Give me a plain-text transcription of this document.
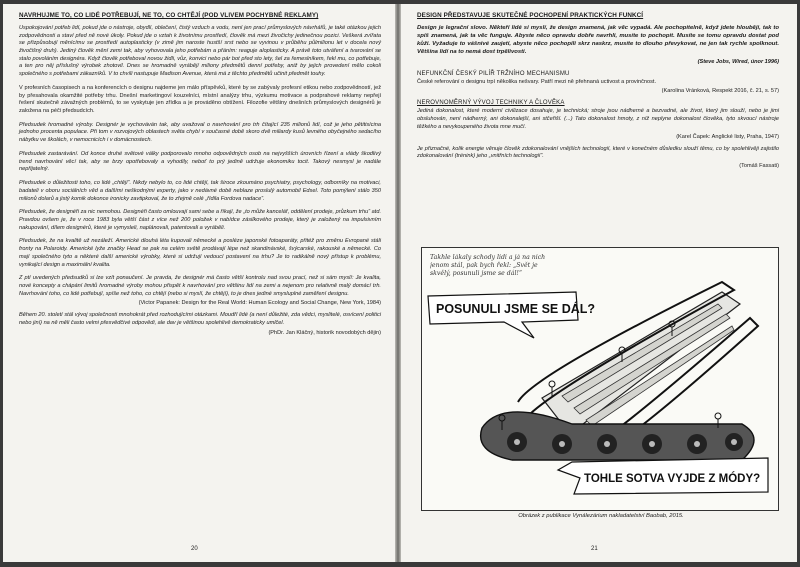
NAVRHUJME TO, CO LIDÉ POTŘEBUJÍ, NE TO, CO CHTĚJÍ (POD VLIVEM POCHYBNÉ REKLAMY)

Uspokojování potřeb lidí, pokud jde o nástroje, obydlí, oblečení, čistý vzduch a vodu, není jen prací průmyslových návrhářů, je také otázkou jejich zodpovědnosti a staví před ně nové úkoly. Pokud jde o vztah k životnímu prostředí, člověk má mezi živočichy jedinečnou pozici. Veškerá zvířata se přizpůsobují měnícímu se prostředí autoplasticky (v zimě jim naroste hustší srst nebo se vyvinou v průběhu půlmilionu let v docela nový živočišný druh). Jediný člověk mění zemi tak, aby vyhovovala jeho potřebám a přáním: reaguje aloplasticky. A právě toto utváření a tvarování se stalo povoláním designéra. Když člověk potřeboval novou židli, vůz, konvici nebo pár bot před sto lety, šel za řemeslníkem, řekl mu, co potřebuje, a ten pro něj příslušný výrobek zhotovil. Dnes se hromadně vyrábějí miliony předmětů denní potřeby, aniž by jejich provedení mělo cokoli společného s potřebami zákazníků. V to chvíli nastupuje Madison Avenue, která má z těchto předmětů učinit předmět touhy.

V profesních časopisech a na konferencích o designu najdeme jen málo příspěvků, které by se zabývaly profesní etikou nebo zodpovědností, jež by přesahovala okamžité potřeby trhu. Dnešní marketingoví kouzelníci, místní analýzy trhu, výzkumu motivace a podprahové reklamy nepřejí řešení skutečně závažných problémů, to se vyskytuje jen zřídka a je prováděno obtížení. Filozofie většiny dnešních průmyslových designérů je založena na péči předsudcích.

Předsudek hromadné výroby. Designér je vychováván tak, aby uvažoval o navrhování pro trh čítající 235 milionů lidí, což je jeho pětitisícina jednoho procenta populace. Při tom v rozvojových oblastech světa chybí v současné době skoro dvě miliardy kusů levného obyčejného sedacího nábytku ve školách, v nemocnicích i v domácnostech.

Předsudek zastarávání. Od konce druhé světové války podporovalo mnoho odpovědných osob na nejvyšších úrovních řízení a vlády škodlivý trend navrhování věcí tak, aby se brzy opotřebovaly a vyhodily, neboť to prý jedině udržuje ekonomiku tocit. Takový nesmysl je nadále nepřijatelný.

Předsudek o důležitosti toho, co lidé „chtějí“. Nikdy nebylo to, co lidé chtějí, tak široce zkoumáno psychiatry, psychology, odborníky na motivaci, badateli v oboru sociálních věd a dalšími neškodnými experty, jako v nedávné době neblaze proslulý automobil Edsel. Toto pomýlení stálo 350 milionů dolarů a jistý komik dokonce ironicky zavtipkoval, že to zřejmě celé „řídila Fordova nadace“.

Předsudek, že designéři za nic nemohou. Designéři často omlouvají sami sebe a říkají, že „to může kancelář, oddělení prodeje, průzkum trhu“ atd. Pravdou ovšem je, že v roce 1983 byla větší část z více než 200 položek v nabídce zásilkového prodeje, který je založený na impulsivním nakupování, dílem designérů, které je vymysleli, naplánovali, patentovali a vyráběli.

Předsudek, že na kvalitě už nezáleží. Americké dlouhá léta kupovali německé a posléze japonské fotoaparáty, přitéž pro změnu Evropané stáli fronty na Polaroidy. Americké lyže značky Head se pak na celém světě prodávají lépe než skandinávské, švýcarské, rakouské a německé. Co mají společného tyto a některé další americké výrobky, které si udržují vedoucí postavení na trhu? Je to radikálně nový přístup k problému, vynikající design a maximální kvalita.

Z ptí uvedených předsudků si lze vzít ponaučení. Je pravda, že designér má často větší kontrolu nad svou prací, než si sám myslí: Je kvalita, nové koncepty a chápání limitů hromadné výroby mohou přispět k navrhování pro většinu lidí na zemi a nejenom pro relativně malý domácí trh. Navrhování toho, co lidé potřebují, spíše než toho, co chtějí (nebo si myslí, že chtějí), to je dnes jediné smysluplné zaměření designu.

(Victor Papanek: Design for the Real World: Human Ecology and Social Change, New York, 1984)

Během 20. století stál vývoj společnosti mnohokrát před rozhodujícími otázkami. Moudří lidé (a není důležité, zda vědci, myslitelé, osvícení politici nebo jiní) na ně měli často velmi přesvědčivé odpovědi, ale dav je většinou spolehlivě demokraticky umlčel.

(PhDr. Jan Kláčný, historik novodobých dějin)
20
DESIGN PŘEDSTAVUJE SKUTEČNÉ POCHOPENÍ PRAKTICKÝCH FUNKCÍ
Design je legrační slovo. Někteří lidé si myslí, že design znamená, jak věc vypadá. Ale pochopitelně, když jdete hlouběji, tak to spíš znamená, jak ta věc funguje. Abyste něco opravdu dobře navrhli, musíte to pochopit. Musíte se tomu opravdu dostat pod kůži. Vyžaduje to vášnivé zaujetí, abyste něco pochopili skrz naskrz, musíte to dlouho převykovat, ne jen tak rychle spolknout. Většina lidí na to nemá dost trpělivosti.
(Steve Jobs, Wired, únor 1996)
NEFUNKČNÍ ČESKÝ PILÍŘ TRŽNÍHO MECHANISMU

České referování o designu trpí několika nešvary. Patří mezi ně přehnaná uctivost a provinčnost.

(Karolina Vránková, Respekt 2016, č. 21, s. 57)
NEROVNOMĚRNÝ VÝVOJ TECHNIKY A ČLOVĚKA

Jediná dokonalost, které moderní civilizace dosahuje, je technická; stroje jsou nádherné a bezvadné, ale život, který jim slouží, nebo je jimi obsluhován, není nádherný, ani dokonalejší, ani stčeřiší. (...) Tato dokonalost hmoty, z níž neplyne dokonalost člověka, tyto skvoucí nástroje těžkého a nevykoupeného života mne mučí.

(Karel Čapek: Anglické listy, Praha, 1947)

Je přiznačné, kolik energie věnuje člověk zdokonalování vnějších technologií, které v konečném důsledku slouží těmu, co by spolehlivěji zajistilo zdokonalování (trénink) jeho „vnitřních technologií“.

(Tomáš Fassati)
Takhle lákaly schody lidi a já na nich jenom stál, pak bych řekl: „Svět je skvělý, posunuli jsme se dál!“
POSUNULI JSME SE DÁL?
TOHLE SOTVA VYJDE Z MÓDY?
Obrázek z publikace Vynálezárium nakladatelství Baobab, 2015.
21
